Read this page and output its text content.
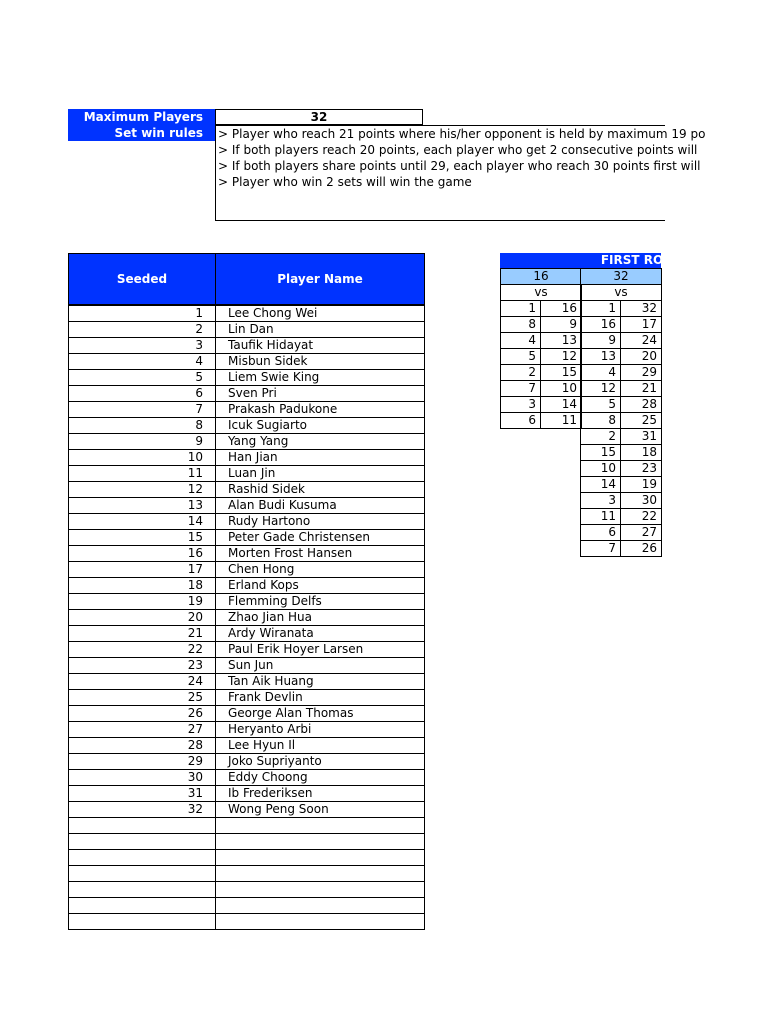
Maximum Players	32
Set win rules	> Player who reach 21 points where his/her opponent is held by maximum 19 po
> If both players reach 20 points, each player who get 2 consecutive points will
> If both players share points until 29, each player who reach 30 points first will
> Player who win 2 sets will win the game
Seeded	Player Name
1	Lee Chong Wei
2	Lin Dan
3	Taufik Hidayat
4	Misbun Sidek
5	Liem Swie King
6	Sven Pri
7	Prakash Padukone
8	Icuk Sugiarto
9	Yang Yang
10	Han Jian
11	Luan Jin
12	Rashid Sidek
13	Alan Budi Kusuma
14	Rudy Hartono
15	Peter Gade Christensen
16	Morten Frost Hansen
17	Chen Hong
18	Erland Kops
19	Flemming Delfs
20	Zhao Jian Hua
21	Ardy Wiranata
22	Paul Erik Hoyer Larsen
23	Sun Jun
24	Tan Aik Huang
25	Frank Devlin
26	George Alan Thomas
27	Heryanto Arbi
28	Lee Hyun Il
29	Joko Supriyanto
30	Eddy Choong
31	Ib Frederiksen
32	Wong Peng Soon

FIRST ROUN
16	
vs	
1	16
8	9
4	13
5	12
2	15
7	10
3	14
6	11
32	
vs	
1	32
16	17
9	24
13	20
4	29
12	21
5	28
8	25
2	31
15	18
10	23
14	19
3	30
11	22
6	27
7	26
